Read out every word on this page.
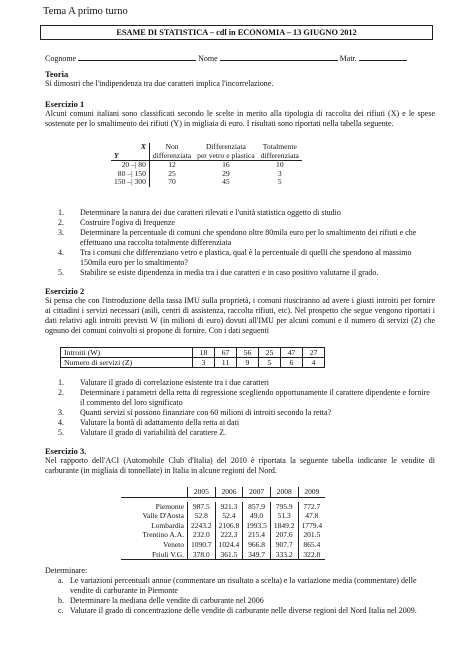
Tema A primo turno
ESAME DI STATISTICA – cdl in ECONOMIA – 13 GIUGNO 2012
Cognome	Nome	Matr.
Teoria
Si dimostri che l'indipendenza tra due caratteri implica l'incorrelazione.
Esercizio 1
Alcuni comuni italiani sono classificati secondo le scelte in merito alla tipologia di raccolta dei rifiuti (X) e le spese sostenute per lo smaltimento dei rifiuti (Y) in migliaia di euro. I risultati sono riportati nella tabella seguente.
X	Non	Differenziata	Totalmente
Y	differenziata	per vetro e plastica	differenziata
20 –| 80	12	16	10
80 –| 150	25	29	3
150 –| 300	70	45	5
1.	Determinare la natura dei due caratteri rilevati e l'unità statistica oggetto di studio
2.	Costruire l'ogiva di frequenze
3.	Determinare la percentuale di comuni che spendono oltre 80mila euro per lo smaltimento dei rifiuti e che effettuano una raccolta totalmente differenziata
4.	Tra i comuni che differenziano vetro e plastica, qual è la percentuale di quelli che spendono al massimo 150mila euro per lo smaltimento?
5.	Stabilire se esiste dipendenza in media tra i due caratteri e in caso positivo valutarne il grado.
Esercizio 2
Si pensa che con l'introduzione della tassa IMU sulla proprietà, i comuni riusciranno ad avere i giusti introiti per fornire ai cittadini i servizi necessari (asili, centri di assistenza, raccolta rifiuti, etc). Nel prospetto che segue vengono riportati i dati relativi agli introiti previsti W (in milioni di euro) dovuti all'IMU per alcuni comuni e il numero di servizi (Z) che ognuno dei comuni coinvolti si propone di fornire. Con i dati seguenti
Introiti (W)	18	67	56	25	47	27
Numero di servizi (Z)	3	11	9	5	6	4
1.	Valutare il grado di correlazione esistente tra i due caratteri
2.	Determinare i parametri della retta di regressione scegliendo opportunamente il carattere dipendente e fornire il commento del loro significato
3.	Quanti servizi si possono finanziare con 60 milioni di introiti secondo la retta?
4.	Valutare la bontà di adattamento della retta ai dati
5.	Valutare il grado di variabilità del carattere Z.
Esercizio 3.
Nel rapporto dell'ACI (Automobile Club d'Italia) del 2010 è riportata la seguente tabella indicante le vendite di carburante (in migliaia di tonnellate) in Italia in alcune regioni del Nord.
	2005	2006	2007	2008	2009

Piemonte	987.5	921.3	857.9	795.9	772.7
Valle D'Aosta	52.8	52.4	49.0	51.3	47.8
Lombardia	2243.2	2106.8	1993.5	1849.2	1779.4
Trentino A.A.	232.0	222.3	215.4	207.6	201.5
Veneto	1090.7	1024.4	966.8	907.7	865.4
Friuli V.G.	378.0	361.5	349.7	333.2	322.8
Determinare:
a. Le variazioni percentuali annue (commentare un risultato a scelta) e la variazione media (commentare) delle vendite di carburante in Piemonte
b. Determinare la mediana delle vendite di carburante nel 2006
c. Valutare il grado di concentrazione delle vendite di carburante nelle diverse regioni del Nord Italia nel 2009.
